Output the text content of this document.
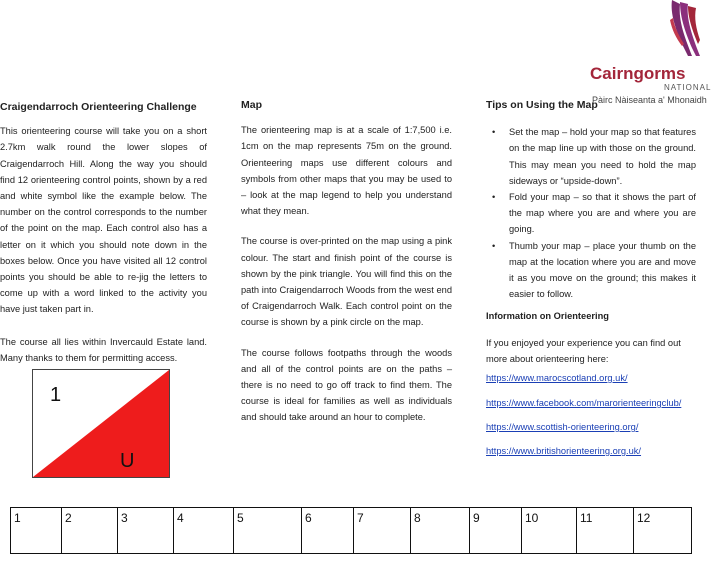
Cairngorms
NATIONAL
Pàirc Nàiseanta a' Mhonaidh
Craigendarroch Orienteering Challenge

This orienteering course will take you on a short 2.7km walk round the lower slopes of Craigendarroch Hill. Along the way you should find 12 orienteering control points, shown by a red and white symbol like the example below. The number on the control corresponds to the number of the point on the map. Each control also has a letter on it which you should note down in the boxes below. Once you have visited all 12 control points you should be able to re-jig the letters to come up with a word linked to the activity you have just taken part in.

The course all lies within Invercauld Estate land. Many thanks to them for permitting access.

Map

The orienteering map is at a scale of 1:7,500 i.e. 1cm on the map represents 75m on the ground. Orienteering maps use different colours and symbols from other maps that you may be used to – look at the map legend to help you understand what they mean.

The course is over-printed on the map using a pink colour. The start and finish point of the course is shown by the pink triangle. You will find this on the path into Craigendarroch Woods from the west end of Craigendarroch Walk. Each control point on the course is shown by a pink circle on the map.

The course follows footpaths through the woods and all of the control points are on the paths – there is no need to go off track to find them. The course is ideal for families as well as individuals and should take around an hour to complete.

Tips on Using the Map
• Set the map – hold your map so that features on the map line up with those on the ground. This may mean you need to hold the map sideways or “upside-down”.
• Fold your map – so that it shows the part of the map where you are and where you are going.
• Thumb your map – place your thumb on the map at the location where you are and move it as you move on the ground; this makes it easier to follow.
Information on Orienteering
If you enjoyed your experience you can find out more about orienteering here:
https://www.marocscotland.org.uk/
https://www.facebook.com/marorienteeringclub/
https://www.scottish-orienteering.org/
https://www.britishorienteering.org.uk/
1
U
1	2	3	4	5	6	7	8	9	10	11	12
